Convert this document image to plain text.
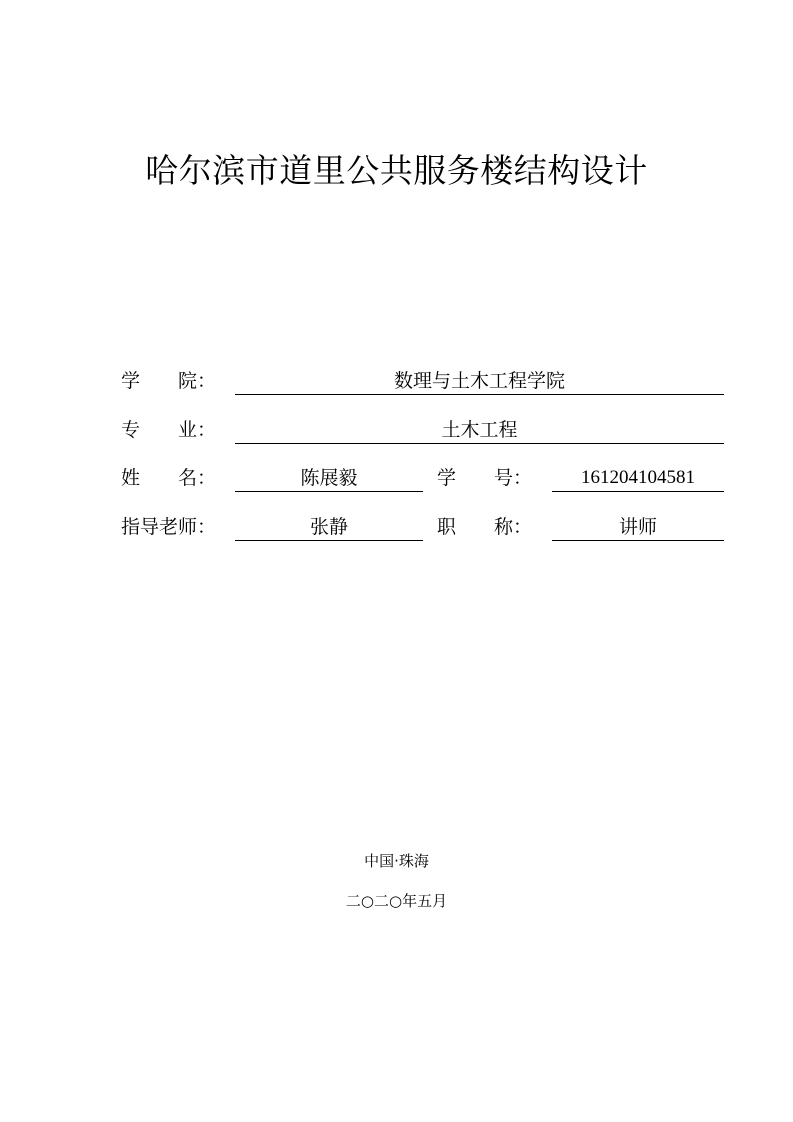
哈尔滨市道里公共服务楼结构设计
学 院：	数理与土木工程学院
专 业：	土木工程
姓 名：	陈展毅	学 号：	161204104581
指导老师：	张静	职 称：	讲师
中国·珠海
二○二○年五月
